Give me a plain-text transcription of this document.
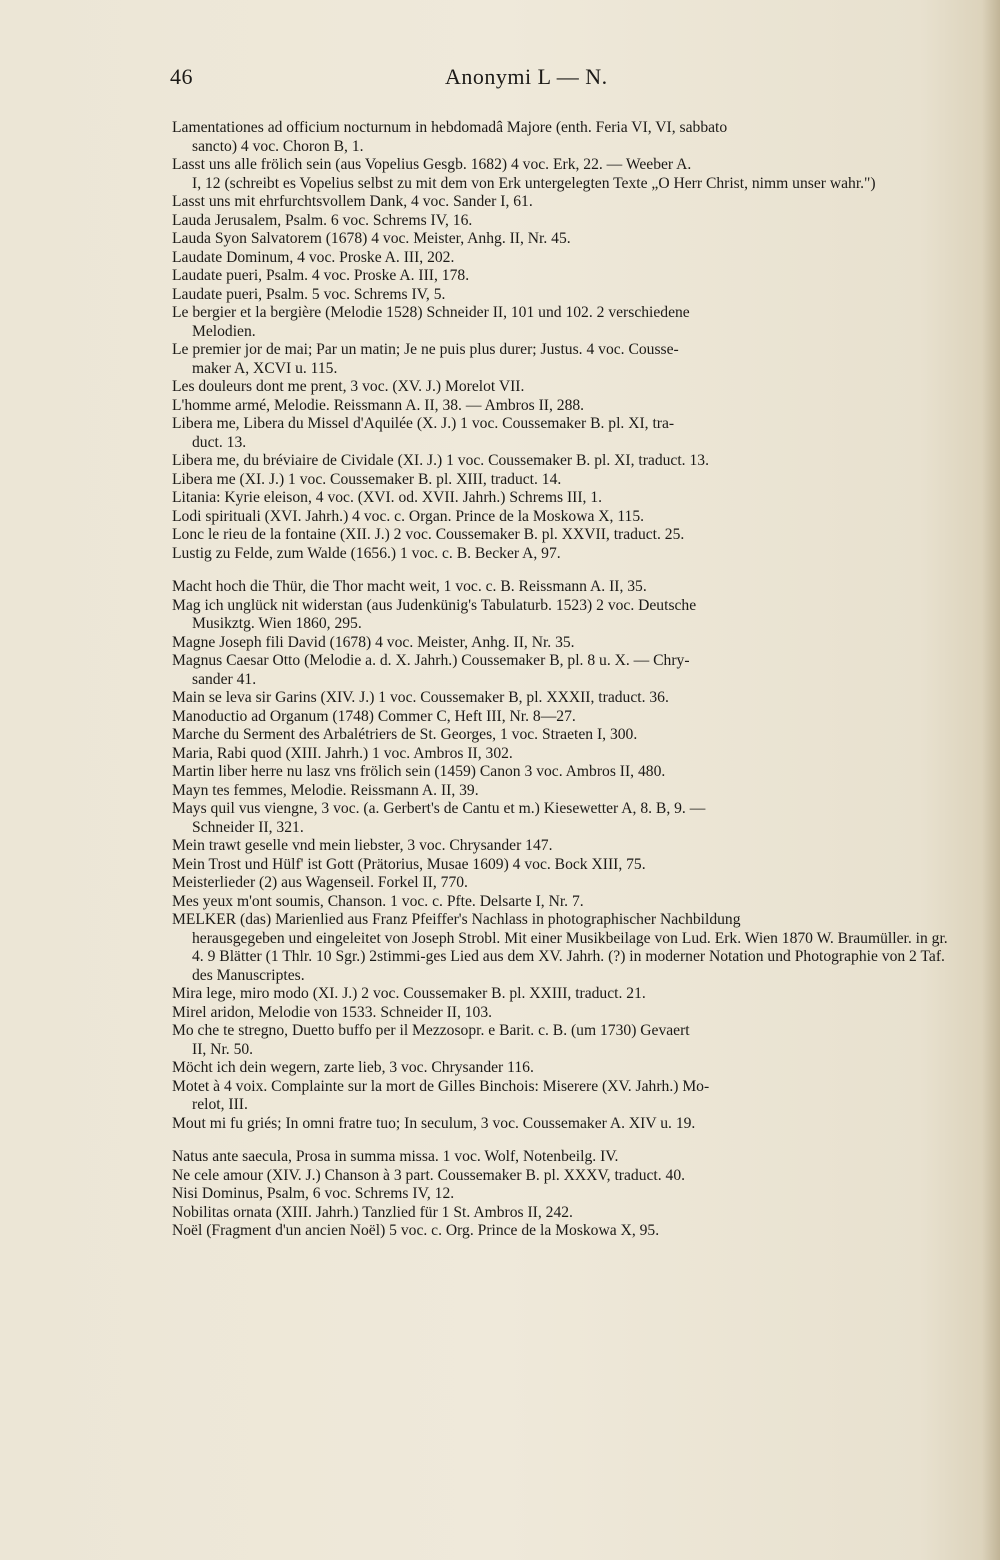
46	Anonymi L — N.
Lamentationes ad officium nocturnum in hebdomadâ Majore (enth. Feria VI, VI, sabbato
sancto) 4 voc. Choron B, 1.
Lasst uns alle frölich sein (aus Vopelius Gesgb. 1682) 4 voc. Erk, 22. — Weeber A.
I, 12 (schreibt es Vopelius selbst zu mit dem von Erk untergelegten Texte „O Herr Christ, nimm unser wahr.")
Lasst uns mit ehrfurchtsvollem Dank, 4 voc. Sander I, 61.
Lauda Jerusalem, Psalm. 6 voc. Schrems IV, 16.
Lauda Syon Salvatorem (1678) 4 voc. Meister, Anhg. II, Nr. 45.
Laudate Dominum, 4 voc. Proske A. III, 202.
Laudate pueri, Psalm. 4 voc. Proske A. III, 178.
Laudate pueri, Psalm. 5 voc. Schrems IV, 5.
Le bergier et la bergière (Melodie 1528) Schneider II, 101 und 102. 2 verschiedene
Melodien.
Le premier jor de mai; Par un matin; Je ne puis plus durer; Justus. 4 voc. Cousse-
maker A, XCVI u. 115.
Les douleurs dont me prent, 3 voc. (XV. J.) Morelot VII.
L'homme armé, Melodie. Reissmann A. II, 38. — Ambros II, 288.
Libera me, Libera du Missel d'Aquilée (X. J.) 1 voc. Coussemaker B. pl. XI, tra-
duct. 13.
Libera me, du bréviaire de Cividale (XI. J.) 1 voc. Coussemaker B. pl. XI, traduct. 13.
Libera me (XI. J.) 1 voc. Coussemaker B. pl. XIII, traduct. 14.
Litania: Kyrie eleison, 4 voc. (XVI. od. XVII. Jahrh.) Schrems III, 1.
Lodi spirituali (XVI. Jahrh.) 4 voc. c. Organ. Prince de la Moskowa X, 115.
Lonc le rieu de la fontaine (XII. J.) 2 voc. Coussemaker B. pl. XXVII, traduct. 25.
Lustig zu Felde, zum Walde (1656.) 1 voc. c. B. Becker A, 97.
Macht hoch die Thür, die Thor macht weit, 1 voc. c. B. Reissmann A. II, 35.
Mag ich unglück nit widerstan (aus Judenkünig's Tabulaturb. 1523) 2 voc. Deutsche
Musikztg. Wien 1860, 295.
Magne Joseph fili David (1678) 4 voc. Meister, Anhg. II, Nr. 35.
Magnus Caesar Otto (Melodie a. d. X. Jahrh.) Coussemaker B, pl. 8 u. X. — Chry-
sander 41.
Main se leva sir Garins (XIV. J.) 1 voc. Coussemaker B, pl. XXXII, traduct. 36.
Manoductio ad Organum (1748) Commer C, Heft III, Nr. 8—27.
Marche du Serment des Arbalétriers de St. Georges, 1 voc. Straeten I, 300.
Maria, Rabi quod (XIII. Jahrh.) 1 voc. Ambros II, 302.
Martin liber herre nu lasz vns frölich sein (1459) Canon 3 voc. Ambros II, 480.
Mayn tes femmes, Melodie. Reissmann A. II, 39.
Mays quil vus viengne, 3 voc. (a. Gerbert's de Cantu et m.) Kiesewetter A, 8. B, 9. —
Schneider II, 321.
Mein trawt geselle vnd mein liebster, 3 voc. Chrysander 147.
Mein Trost und Hülf' ist Gott (Prätorius, Musae 1609) 4 voc. Bock XIII, 75.
Meisterlieder (2) aus Wagenseil. Forkel II, 770.
Mes yeux m'ont soumis, Chanson. 1 voc. c. Pfte. Delsarte I, Nr. 7.
MELKER (das) Marienlied aus Franz Pfeiffer's Nachlass in photographischer Nachbildung
herausgegeben und eingeleitet von Joseph Strobl. Mit einer Musikbeilage von Lud. Erk. Wien 1870 W. Braumüller. in gr. 4. 9 Blätter (1 Thlr. 10 Sgr.) 2stimmi-ges Lied aus dem XV. Jahrh. (?) in moderner Notation und Photographie von 2 Taf. des Manuscriptes.
Mira lege, miro modo (XI. J.) 2 voc. Coussemaker B. pl. XXIII, traduct. 21.
Mirel aridon, Melodie von 1533. Schneider II, 103.
Mo che te stregno, Duetto buffo per il Mezzosopr. e Barit. c. B. (um 1730) Gevaert
II, Nr. 50.
Möcht ich dein wegern, zarte lieb, 3 voc. Chrysander 116.
Motet à 4 voix. Complainte sur la mort de Gilles Binchois: Miserere (XV. Jahrh.) Mo-
relot, III.
Mout mi fu griés; In omni fratre tuo; In seculum, 3 voc. Coussemaker A. XIV u. 19.
Natus ante saecula, Prosa in summa missa. 1 voc. Wolf, Notenbeilg. IV.
Ne cele amour (XIV. J.) Chanson à 3 part. Coussemaker B. pl. XXXV, traduct. 40.
Nisi Dominus, Psalm, 6 voc. Schrems IV, 12.
Nobilitas ornata (XIII. Jahrh.) Tanzlied für 1 St. Ambros II, 242.
Noël (Fragment d'un ancien Noël) 5 voc. c. Org. Prince de la Moskowa X, 95.
